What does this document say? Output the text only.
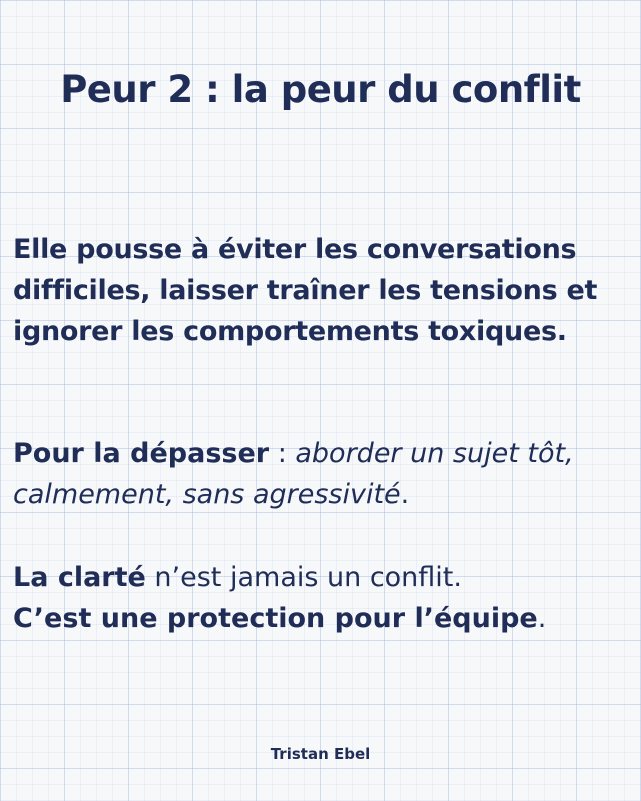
Peur 2 : la peur du conflit

Elle pousse à éviter les conversations difficiles, laisser traîner les tensions et ignorer les comportements toxiques.

Pour la dépasser : aborder un sujet tôt, calmement, sans agressivité.

La clarté n’est jamais un conflit.
C’est une protection pour l’équipe.

Tristan Ebel
